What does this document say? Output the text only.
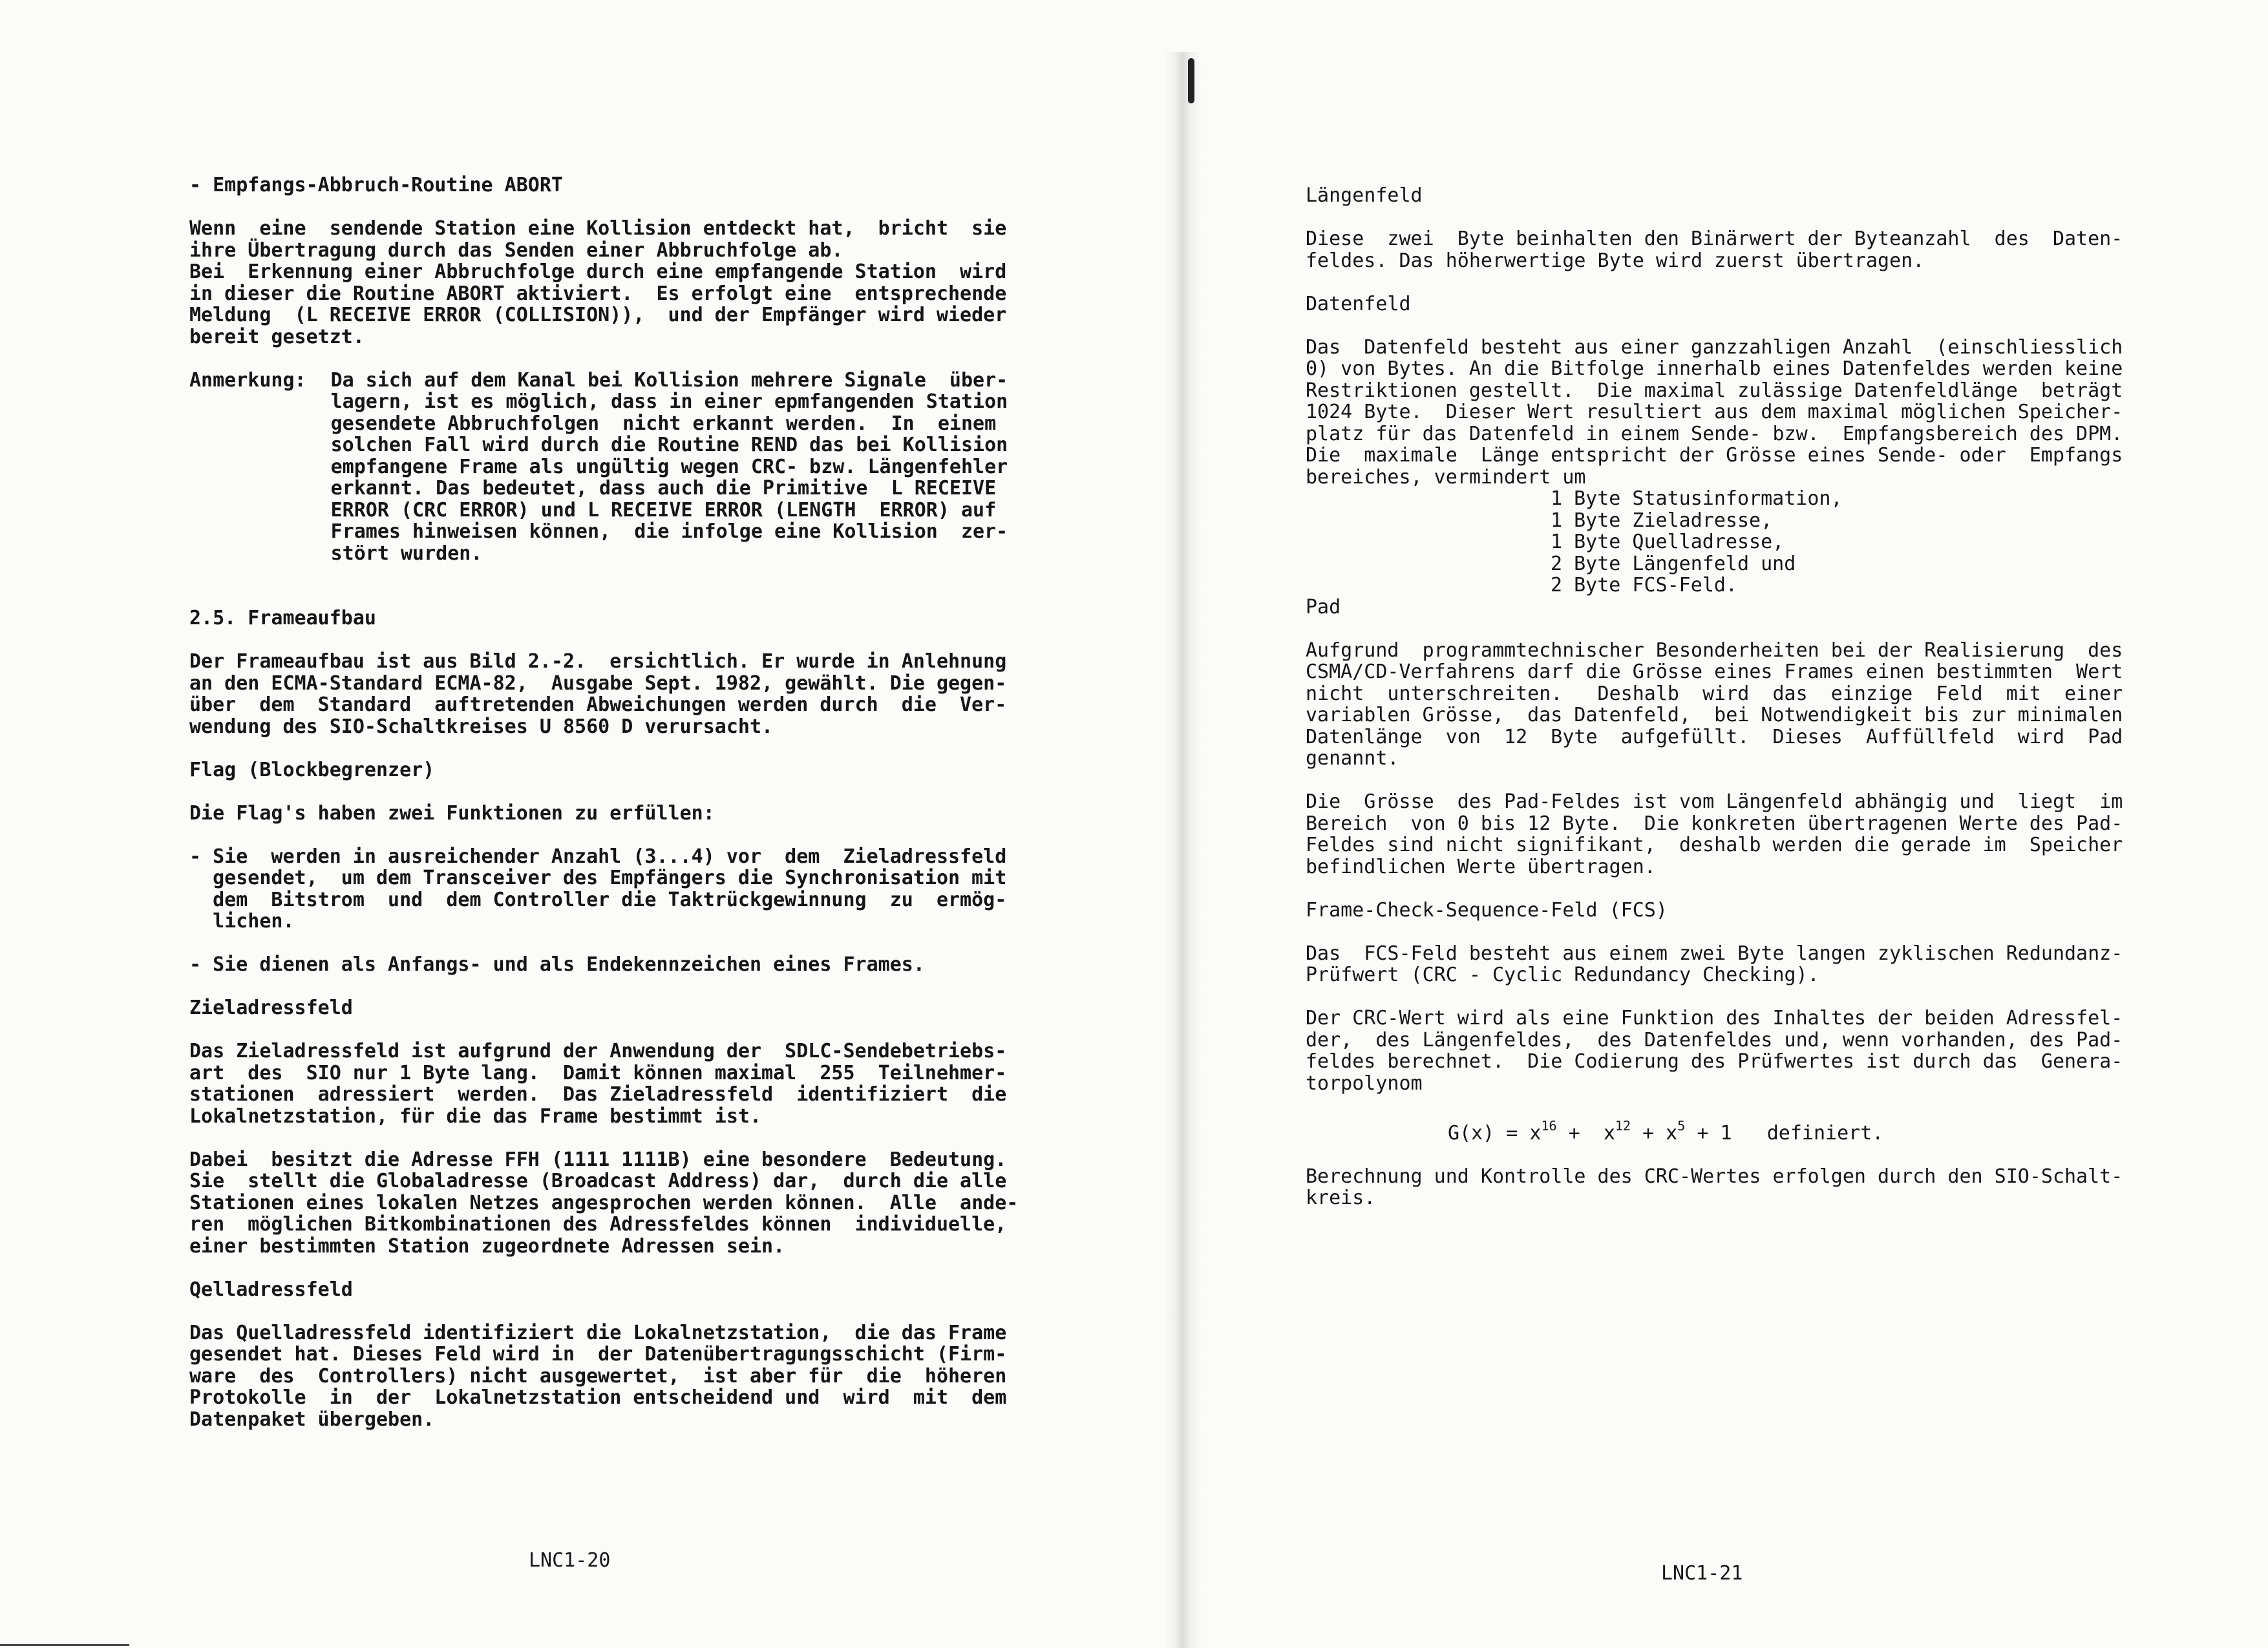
- Empfangs-Abbruch-Routine ABORT

Wenn  eine  sendende Station eine Kollision entdeckt hat,  bricht  sie
ihre Übertragung durch das Senden einer Abbruchfolge ab.
Bei  Erkennung einer Abbruchfolge durch eine empfangende Station  wird
in dieser die Routine ABORT aktiviert.  Es erfolgt eine  entsprechende
Meldung  (L RECEIVE ERROR (COLLISION)),  und der Empfänger wird wieder
bereit gesetzt.

Anmerkung: Da sich auf dem Kanal bei Kollision mehrere Signale  über-
lagern, ist es möglich, dass in einer epmfangenden Station
gesendete Abbruchfolgen  nicht erkannt werden.  In  einem
solchen Fall wird durch die Routine REND das bei Kollision
empfangene Frame als ungültig wegen CRC- bzw. Längenfehler
erkannt. Das bedeutet, dass auch die Primitive  L RECEIVE
ERROR (CRC ERROR) und L RECEIVE ERROR (LENGTH  ERROR) auf
Frames hinweisen können,  die infolge eine Kollision  zer-
stört wurden.

2.5. Frameaufbau

Der Frameaufbau ist aus Bild 2.-2.  ersichtlich. Er wurde in Anlehnung
an den ECMA-Standard ECMA-82,  Ausgabe Sept. 1982, gewählt. Die gegen-
über  dem  Standard  auftretenden Abweichungen werden durch  die  Ver-
wendung des SIO-Schaltkreises U 8560 D verursacht.

Flag (Blockbegrenzer)

Die Flag's haben zwei Funktionen zu erfüllen:

- Sie  werden in ausreichender Anzahl (3...4) vor  dem  Zieladressfeld
gesendet,  um dem Transceiver des Empfängers die Synchronisation mit
dem  Bitstrom  und  dem Controller die Taktrückgewinnung  zu  ermög-
lichen.

- Sie dienen als Anfangs- und als Endekennzeichen eines Frames.

Zieladressfeld

Das Zieladressfeld ist aufgrund der Anwendung der  SDLC-Sendebetriebs-
art  des  SIO nur 1 Byte lang.  Damit können maximal  255  Teilnehmer-
stationen  adressiert  werden.  Das Zieladressfeld  identifiziert  die
Lokalnetzstation, für die das Frame bestimmt ist.

Dabei  besitzt die Adresse FFH (1111 1111B) eine besondere  Bedeutung.
Sie  stellt die Globaladresse (Broadcast Address) dar,  durch die alle
Stationen eines lokalen Netzes angesprochen werden können.  Alle  ande-
ren  möglichen Bitkombinationen des Adressfeldes können  individuelle,
einer bestimmten Station zugeordnete Adressen sein.

Qelladressfeld

Das Quelladressfeld identifiziert die Lokalnetzstation,  die das Frame
gesendet hat. Dieses Feld wird in  der Datenübertragungsschicht (Firm-
ware  des  Controllers) nicht ausgewertet,  ist aber für  die  höheren
Protokolle  in  der  Lokalnetzstation entscheidend und  wird  mit  dem
Datenpaket übergeben.
LNC1-20
Längenfeld

Diese  zwei  Byte beinhalten den Binärwert der Byteanzahl  des  Daten-
feldes. Das höherwertige Byte wird zuerst übertragen.

Datenfeld

Das  Datenfeld besteht aus einer ganzzahligen Anzahl  (einschliesslich
0) von Bytes. An die Bitfolge innerhalb eines Datenfeldes werden keine
Restriktionen gestellt.  Die maximal zulässige Datenfeldlänge  beträgt
1024 Byte.  Dieser Wert resultiert aus dem maximal möglichen Speicher-
platz für das Datenfeld in einem Sende- bzw.  Empfangsbereich des DPM.
Die  maximale  Länge entspricht der Grösse eines Sende- oder  Empfangs
bereiches, vermindert um
1 Byte Statusinformation,
1 Byte Zieladresse,
1 Byte Quelladresse,
2 Byte Längenfeld und
2 Byte FCS-Feld.
Pad

Aufgrund  programmtechnischer Besonderheiten bei der Realisierung  des
CSMA/CD-Verfahrens darf die Grösse eines Frames einen bestimmten  Wert
nicht  unterschreiten.   Deshalb  wird  das  einzige  Feld  mit  einer
variablen Grösse,  das Datenfeld,  bei Notwendigkeit bis zur minimalen
Datenlänge  von  12  Byte  aufgefüllt.  Dieses  Auffüllfeld  wird  Pad
genannt.

Die  Grösse  des Pad-Feldes ist vom Längenfeld abhängig und  liegt  im
Bereich  von 0 bis 12 Byte.  Die konkreten übertragenen Werte des Pad-
Feldes sind nicht signifikant,  deshalb werden die gerade im  Speicher
befindlichen Werte übertragen.

Frame-Check-Sequence-Feld (FCS)

Das  FCS-Feld besteht aus einem zwei Byte langen zyklischen Redundanz-
Prüfwert (CRC - Cyclic Redundancy Checking).

Der CRC-Wert wird als eine Funktion des Inhaltes der beiden Adressfel-
der,  des Längenfeldes,  des Datenfeldes und, wenn vorhanden, des Pad-
feldes berechnet.  Die Codierung des Prüfwertes ist durch das  Genera-
torpolynom

$G(x) = x^{16} + x^{12} + x^5 + 1$   definiert.

Berechnung und Kontrolle des CRC-Wertes erfolgen durch den SIO-Schalt-
kreis.
LNC1-21
